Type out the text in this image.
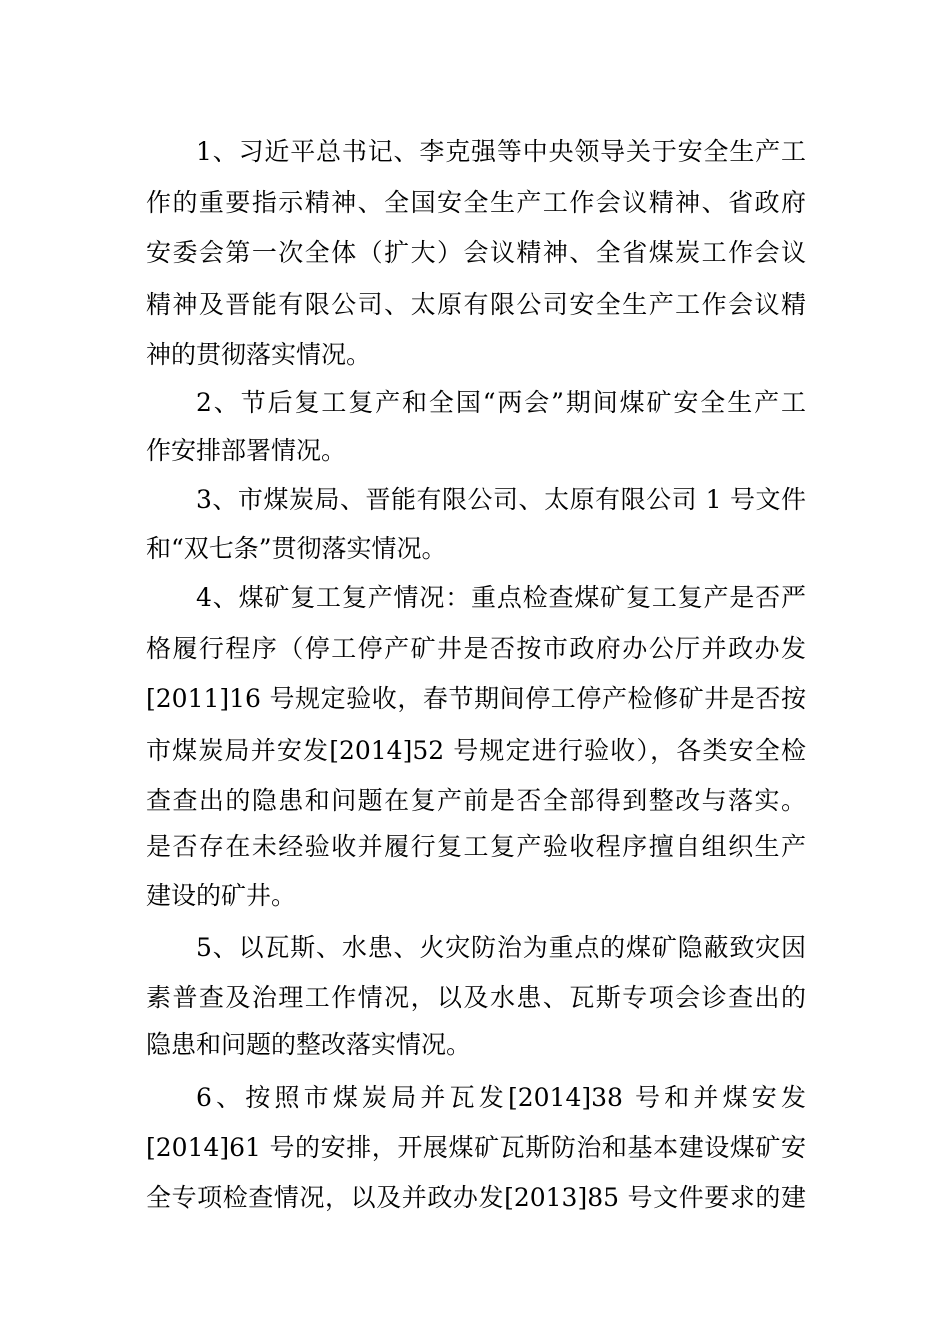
1、习近平总书记、李克强等中央领导关于安全生产工
作的重要指示精神、全国安全生产工作会议精神、省政府
安委会第一次全体（扩大）会议精神、全省煤炭工作会议
精神及晋能有限公司、太原有限公司安全生产工作会议精
神的贯彻落实情况。
2、节后复工复产和全国“两会”期间煤矿安全生产工
作安排部署情况。
3、市煤炭局、晋能有限公司、太原有限公司 1 号文件
和“双七条”贯彻落实情况。
4、煤矿复工复产情况：重点检查煤矿复工复产是否严
格履行程序（停工停产矿井是否按市政府办公厅并政办发
[2011]16 号规定验收，春节期间停工停产检修矿井是否按
市煤炭局并安发[2014]52 号规定进行验收），各类安全检
查查出的隐患和问题在复产前是否全部得到整改与落实。
是否存在未经验收并履行复工复产验收程序擅自组织生产
建设的矿井。
5、以瓦斯、水患、火灾防治为重点的煤矿隐蔽致灾因
素普查及治理工作情况，以及水患、瓦斯专项会诊查出的
隐患和问题的整改落实情况。
6、按照市煤炭局并瓦发[2014]38 号和并煤安发
[2014]61 号的安排，开展煤矿瓦斯防治和基本建设煤矿安
全专项检查情况，以及并政办发[2013]85 号文件要求的建
